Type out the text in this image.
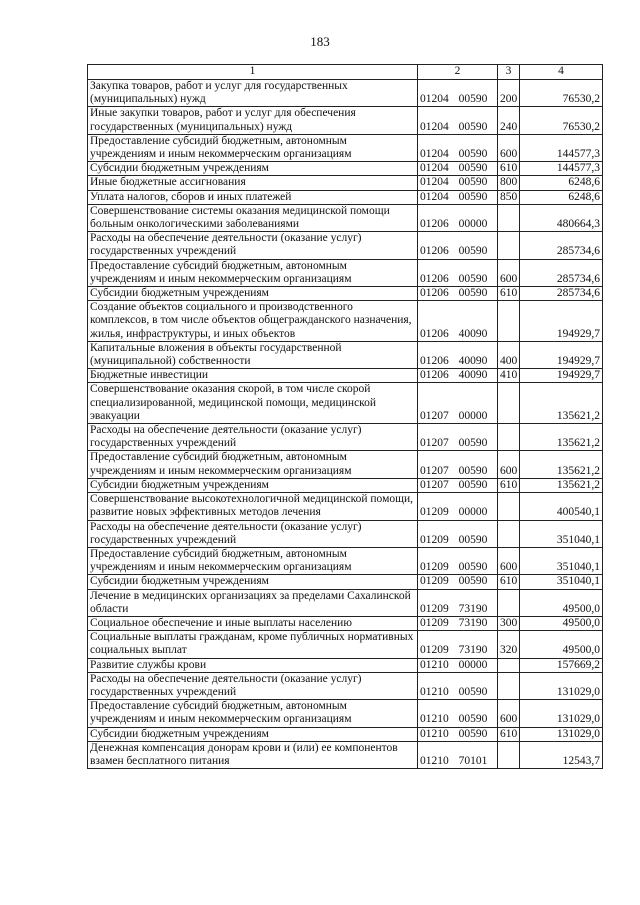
183
1	2	3	4
Закупка товаров, работ и услуг для государственных (муниципальных) нужд	01204 00590	200	76530,2
Иные закупки товаров, работ и услуг для обеспечения государственных (муниципальных) нужд	01204 00590	240	76530,2
Предоставление субсидий бюджетным, автономным учреждениям и иным некоммерческим организациям	01204 00590	600	144577,3
Субсидии бюджетным учреждениям	01204 00590	610	144577,3
Иные бюджетные ассигнования	01204 00590	800	6248,6
Уплата налогов, сборов и иных платежей	01204 00590	850	6248,6
Совершенствование системы оказания медицинской помощи больным онкологическими заболеваниями	01206 00000		480664,3
Расходы на обеспечение деятельности (оказание услуг) государственных учреждений	01206 00590		285734,6
Предоставление субсидий бюджетным, автономным учреждениям и иным некоммерческим организациям	01206 00590	600	285734,6
Субсидии бюджетным учреждениям	01206 00590	610	285734,6
Создание объектов социального и производственного комплексов, в том числе объектов общегражданского назначения, жилья, инфраструктуры, и иных объектов	01206 40090		194929,7
Капитальные вложения в объекты государственной (муниципальной) собственности	01206 40090	400	194929,7
Бюджетные инвестиции	01206 40090	410	194929,7
Совершенствование оказания скорой, в том числе скорой специализированной, медицинской помощи, медицинской эвакуации	01207 00000		135621,2
Расходы на обеспечение деятельности (оказание услуг) государственных учреждений	01207 00590		135621,2
Предоставление субсидий бюджетным, автономным учреждениям и иным некоммерческим организациям	01207 00590	600	135621,2
Субсидии бюджетным учреждениям	01207 00590	610	135621,2
Совершенствование высокотехнологичной медицинской помощи, развитие новых эффективных методов лечения	01209 00000		400540,1
Расходы на обеспечение деятельности (оказание услуг) государственных учреждений	01209 00590		351040,1
Предоставление субсидий бюджетным, автономным учреждениям и иным некоммерческим организациям	01209 00590	600	351040,1
Субсидии бюджетным учреждениям	01209 00590	610	351040,1
Лечение в медицинских организациях за пределами Сахалинской области	01209 73190		49500,0
Социальное обеспечение и иные выплаты населению	01209 73190	300	49500,0
Социальные выплаты гражданам, кроме публичных нормативных социальных выплат	01209 73190	320	49500,0
Развитие службы крови	01210 00000		157669,2
Расходы на обеспечение деятельности (оказание услуг) государственных учреждений	01210 00590		131029,0
Предоставление субсидий бюджетным, автономным учреждениям и иным некоммерческим организациям	01210 00590	600	131029,0
Субсидии бюджетным учреждениям	01210 00590	610	131029,0
Денежная компенсация донорам крови и (или) ее компонентов взамен бесплатного питания	01210 70101		12543,7
